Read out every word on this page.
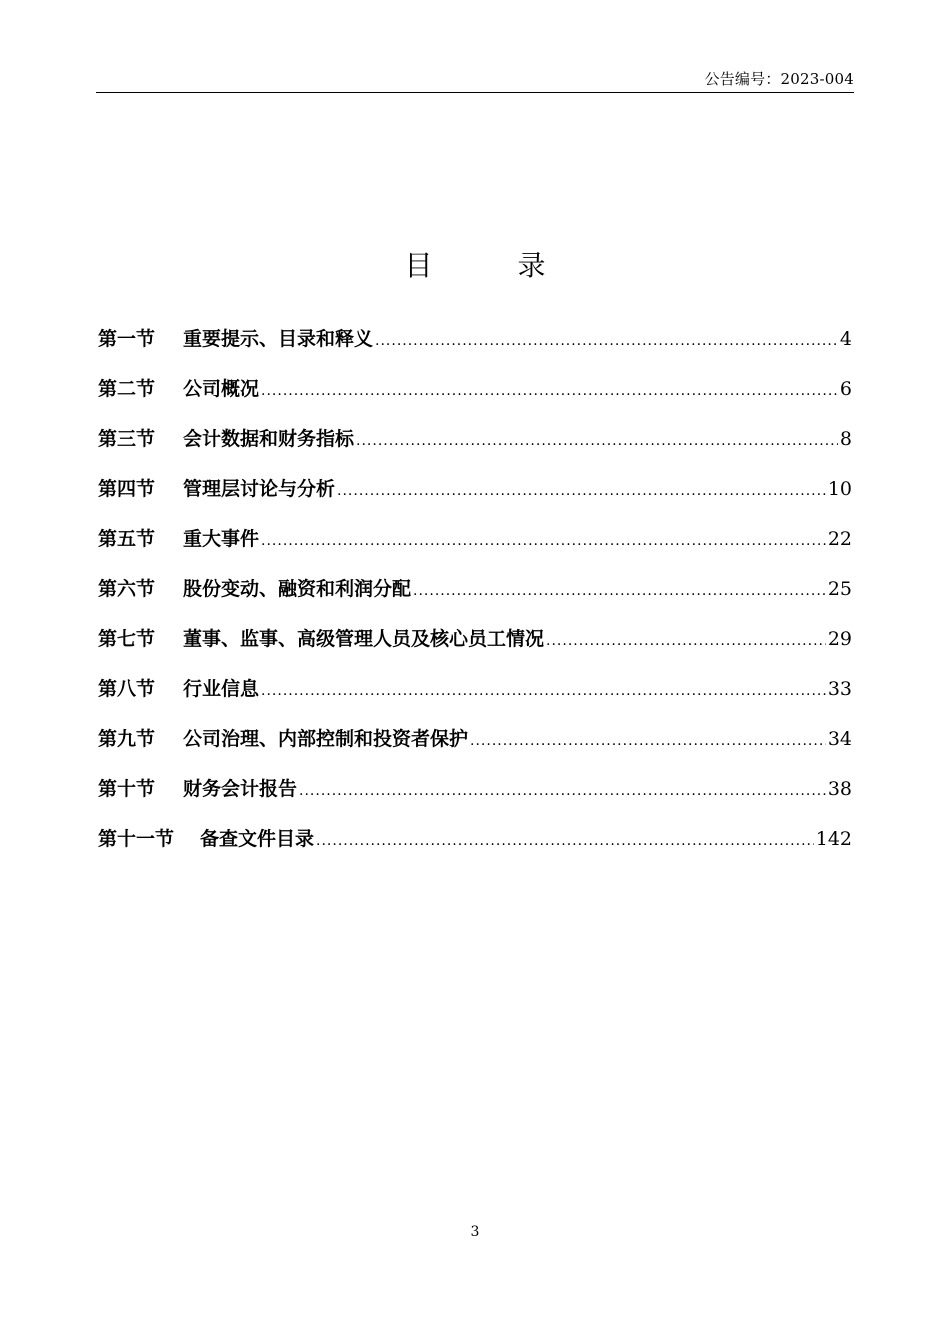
公告编号：2023-004
目 录
第一节	重要提示、目录和释义 .....	4
第二节	公司概况 .....	6
第三节	会计数据和财务指标 .....	8
第四节	管理层讨论与分析 .....	10
第五节	重大事件 .....	22
第六节	股份变动、融资和利润分配 .....	25
第七节	董事、监事、高级管理人员及核心员工情况 .....	29
第八节	行业信息 .....	33
第九节	公司治理、内部控制和投资者保护 .....	34
第十节	财务会计报告 .....	38
第十一节	备查文件目录 .....	142
3
